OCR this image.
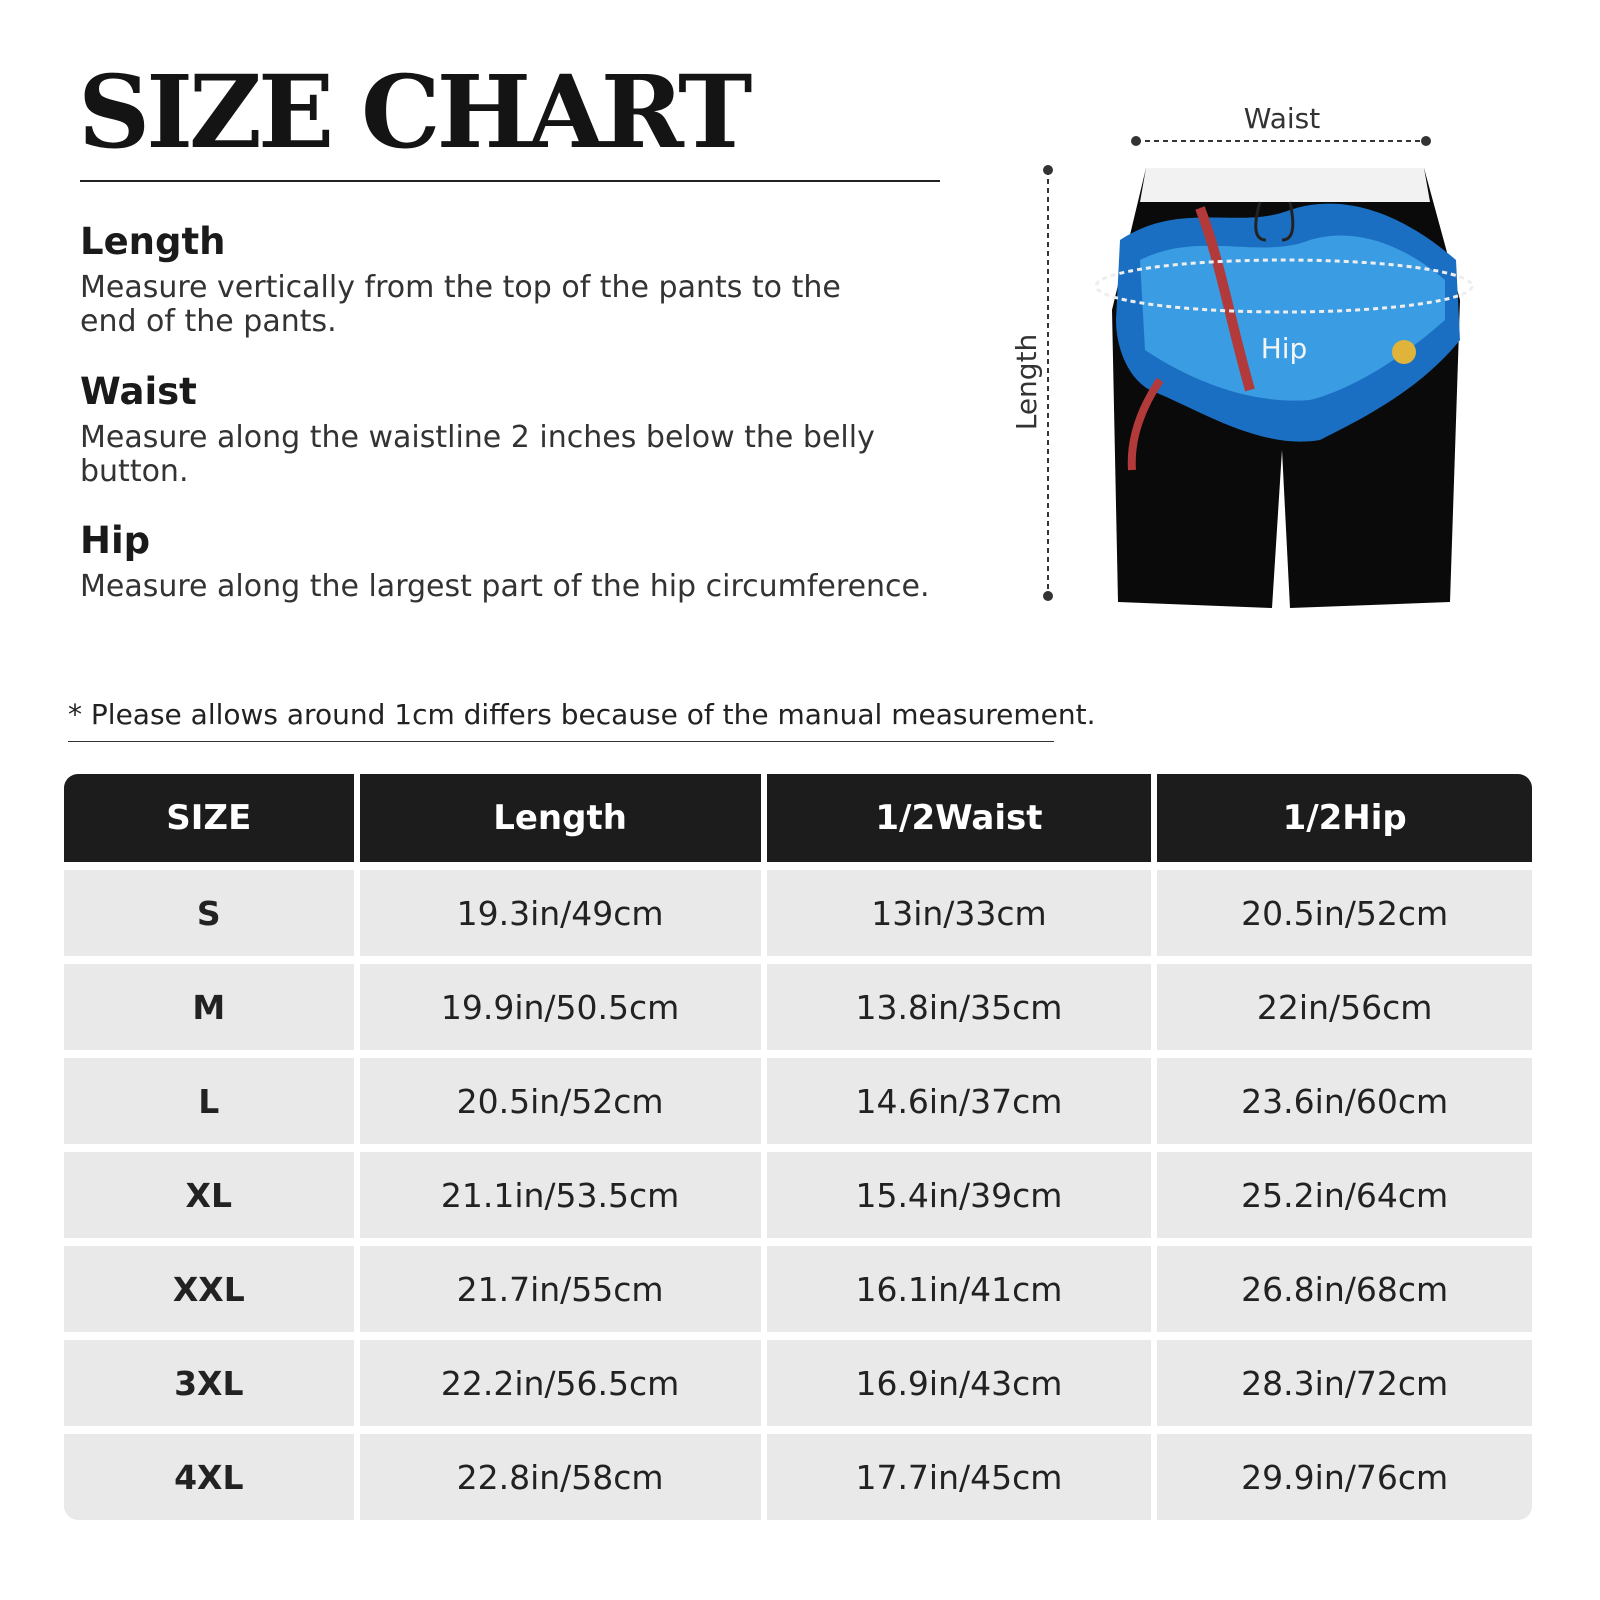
SIZE CHART
Length

Measure vertically from the top of the pants to the end of the pants.

Waist

Measure along the waistline 2 inches below the belly button.

Hip

Measure along the largest part of the hip circumference.

Waist
Length	Hip
* Please allows around 1cm differs because of the manual measurement.
SIZE	Length	1/2Waist	1/2Hip
S	19.3in/49cm	13in/33cm	20.5in/52cm
M	19.9in/50.5cm	13.8in/35cm	22in/56cm
L	20.5in/52cm	14.6in/37cm	23.6in/60cm
XL	21.1in/53.5cm	15.4in/39cm	25.2in/64cm
XXL	21.7in/55cm	16.1in/41cm	26.8in/68cm
3XL	22.2in/56.5cm	16.9in/43cm	28.3in/72cm
4XL	22.8in/58cm	17.7in/45cm	29.9in/76cm
